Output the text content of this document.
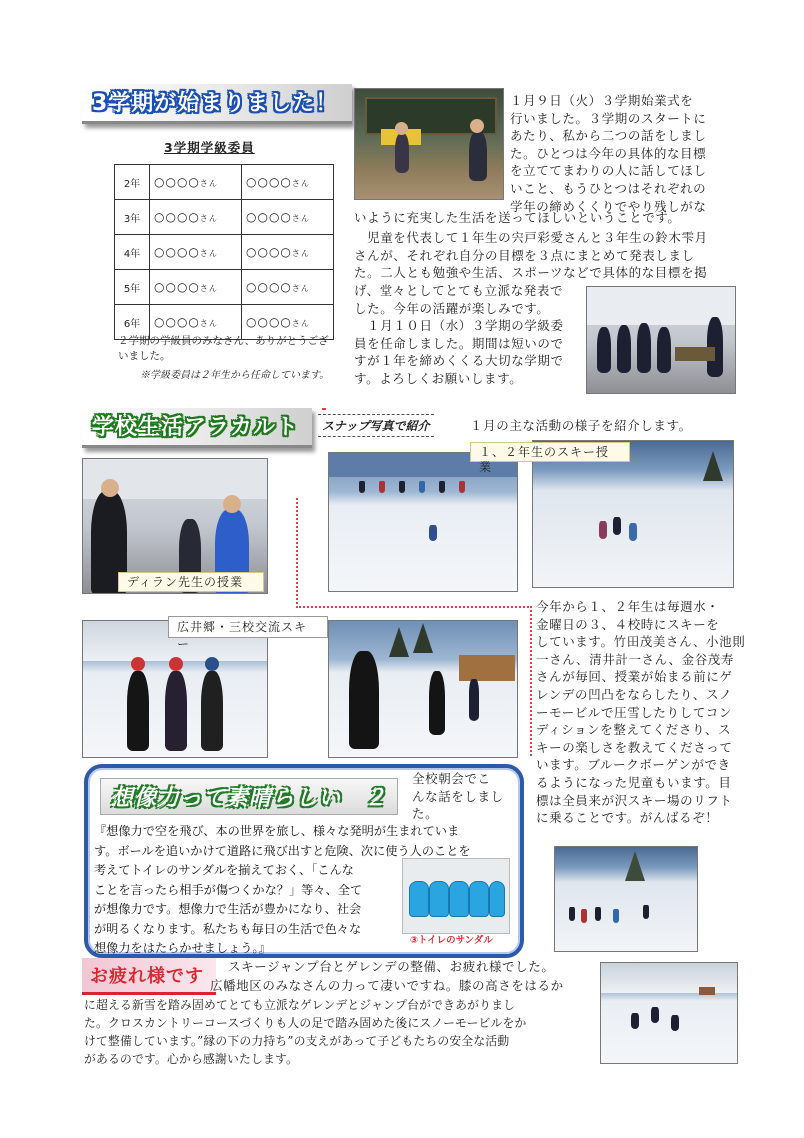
3学期が始まりました！	１月９日（火）３学期始業式を

行いました。３学期のスタートに

あたり、私から二つの話をしまし

た。ひとつは今年の具体的な目標

を立ててまわりの人に話してほし

いこと、もうひとつはそれぞれの

学年の締めくくりでやり残しがな

いように充実した生活を送ってほしいということです。

　児童を代表して１年生の宍戸彩愛さんと３年生の鈴木雫月

さんが、それぞれ自分の目標を３点にまとめて発表しまし

た。二人とも勉強や生活、スポーツなどで具体的な目標を掲

げ、堂々としてとても立派な発表で

した。今年の活躍が楽しみです。

　１月１０日（水）３学期の学級委

員を任命しました。期間は短いので

すが１年を締めくくる大切な学期で

す。よろしくお願いします。

3学期学級委員
2年	○○○○さん	○○○○さん
3年	○○○○さん	○○○○さん
4年	○○○○さん	○○○○さん
5年	○○○○さん	○○○○さん
6年	○○○○さん	○○○○さん
２学期の学級員のみなさん、ありがとうござ
いました。
※学級委員は２年生から任命しています。
学校生活アラカルト	スナップ写真で紹介	１月の主な活動の様子を紹介します。
ディラン先生の授業
１、２年生のスキー授業
広井郷・三校交流スキー

今年から１、２年生は毎週水・

金曜日の３、４校時にスキーを

しています。竹田茂美さん、小池則

一さん、清井計一さん、金谷茂寿

さんが毎回、授業が始まる前にゲ

レンデの凹凸をならしたり、スノ

ーモービルで圧雪したりしてコン

ディションを整えてくださり、ス

キーの楽しさを教えてくださって

います。ブルークボーゲンができ

るようになった児童もいます。目

標は全員来が沢スキー場のリフト

に乗ることです。がんばるぞ！

想像力って素晴らしい　２

全校朝会でこ

んな話をしまし

た。

『想像力で空を飛び、本の世界を旅し、様々な発明が生まれていま
す。ボールを追いかけて道路に飛び出すと危険、次に使う人のことを
考えてトイレのサンダルを揃えておく、「こんな
ことを言ったら相手が傷つくかな？」等々、全て
が想像力です。想像力で生活が豊かになり、社会
が明るくなります。私たちも毎日の生活で色々な
想像力をはたらかせましょう。』
③トイレのサンダル
お疲れ様です	スキージャンプ台とゲレンデの整備、お疲れ様でした。
広幡地区のみなさんの力って凄いですね。膝の高さをはるか

に超える新雪を踏み固めてとても立派なゲレンデとジャンプ台ができあがりまし

た。クロスカントリーコースづくりも人の足で踏み固めた後にスノーモービルをか

けて整備しています。”縁の下の力持ち”の支えがあって子どもたちの安全な活動

があるのです。心から感謝いたします。
